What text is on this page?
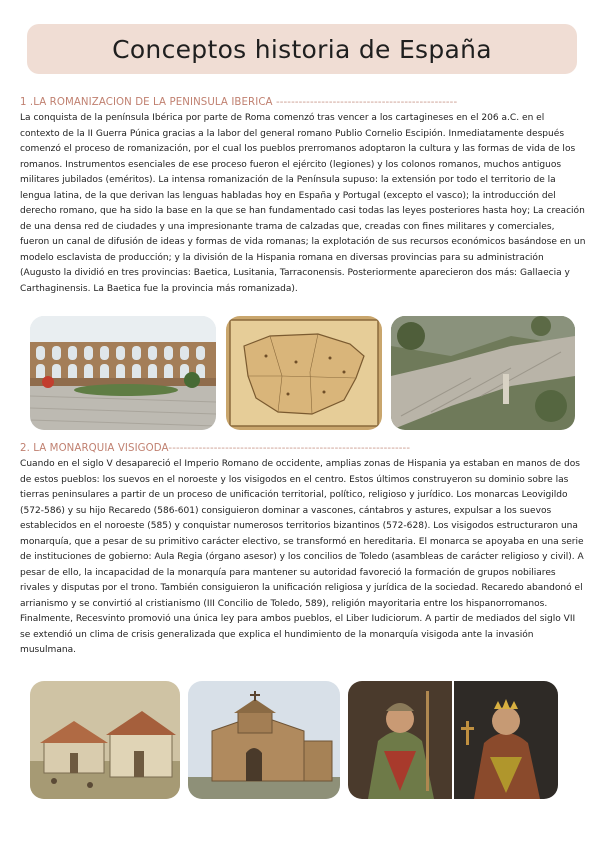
Conceptos historia de España
1 .LA ROMANIZACIÓN DE LA PENÍNSULA IBÉRICA ------------------------------------------------

La conquista de la península Ibérica por parte de Roma comenzó tras vencer a los cartagineses en el 206 a.C. en el contexto de la II Guerra Púnica gracias a la labor del general romano Publio Cornelio Escipión. Inmediatamente después comenzó el proceso de romanización, por el cual los pueblos prerromanos adoptaron la cultura y las formas de vida de los romanos. Instrumentos esenciales de ese proceso fueron el ejército (legiones) y los colonos romanos, muchos antiguos militares jubilados (eméritos). La intensa romanización de la Península supuso: la extensión por todo el territorio de la lengua latina, de la que derivan las lenguas habladas hoy en España y Portugal (excepto el vasco); la introducción del derecho romano, que ha sido la base en la que se han fundamentado casi todas las leyes posteriores hasta hoy; La creación de una densa red de ciudades y una impresionante trama de calzadas que, creadas con fines militares y comerciales, fueron un canal de difusión de ideas y formas de vida romanas; la explotación de sus recursos económicos basándose en un modelo esclavista de producción; y la división de la Hispania romana en diversas provincias para su administración (Augusto la dividió en tres provincias: Baetica, Lusitania, Tarraconensis. Posteriormente aparecieron dos más: Gallaecia y Carthaginensis. La Baetica fue la provincia más romanizada).

2. LA MONARQUÍA VISIGODA----------------------------------------------------------------

Cuando en el siglo V desapareció el Imperio Romano de occidente, amplias zonas de Hispania ya estaban en manos de dos de estos pueblos: los suevos en el noroeste y los visigodos en el centro. Estos últimos construyeron su dominio sobre las tierras peninsulares a partir de un proceso de unificación territorial, político, religioso y jurídico. Los monarcas Leovigildo (572-586) y su hijo Recaredo (586-601) consiguieron dominar a vascones, cántabros y astures, expulsar a los suevos establecidos en el noroeste (585) y conquistar numerosos territorios bizantinos (572-628). Los visigodos estructuraron una monarquía, que a pesar de su primitivo carácter electivo, se transformó en hereditaria. El monarca se apoyaba en una serie de instituciones de gobierno: Aula Regia (órgano asesor) y los concilios de Toledo (asambleas de carácter religioso y civil). A pesar de ello, la incapacidad de la monarquía para mantener su autoridad favoreció la formación de grupos nobiliares rivales y disputas por el trono. También consiguieron la unificación religiosa y jurídica de la sociedad. Recaredo abandonó el arrianismo y se convirtió al cristianismo (III Concilio de Toledo, 589), religión mayoritaria entre los hispanorromanos. Finalmente, Recesvinto promovió una única ley para ambos pueblos, el Liber Iudiciorum. A partir de mediados del siglo VII se extendió un clima de crisis generalizada que explica el hundimiento de la monarquía visigoda ante la invasión musulmana.
